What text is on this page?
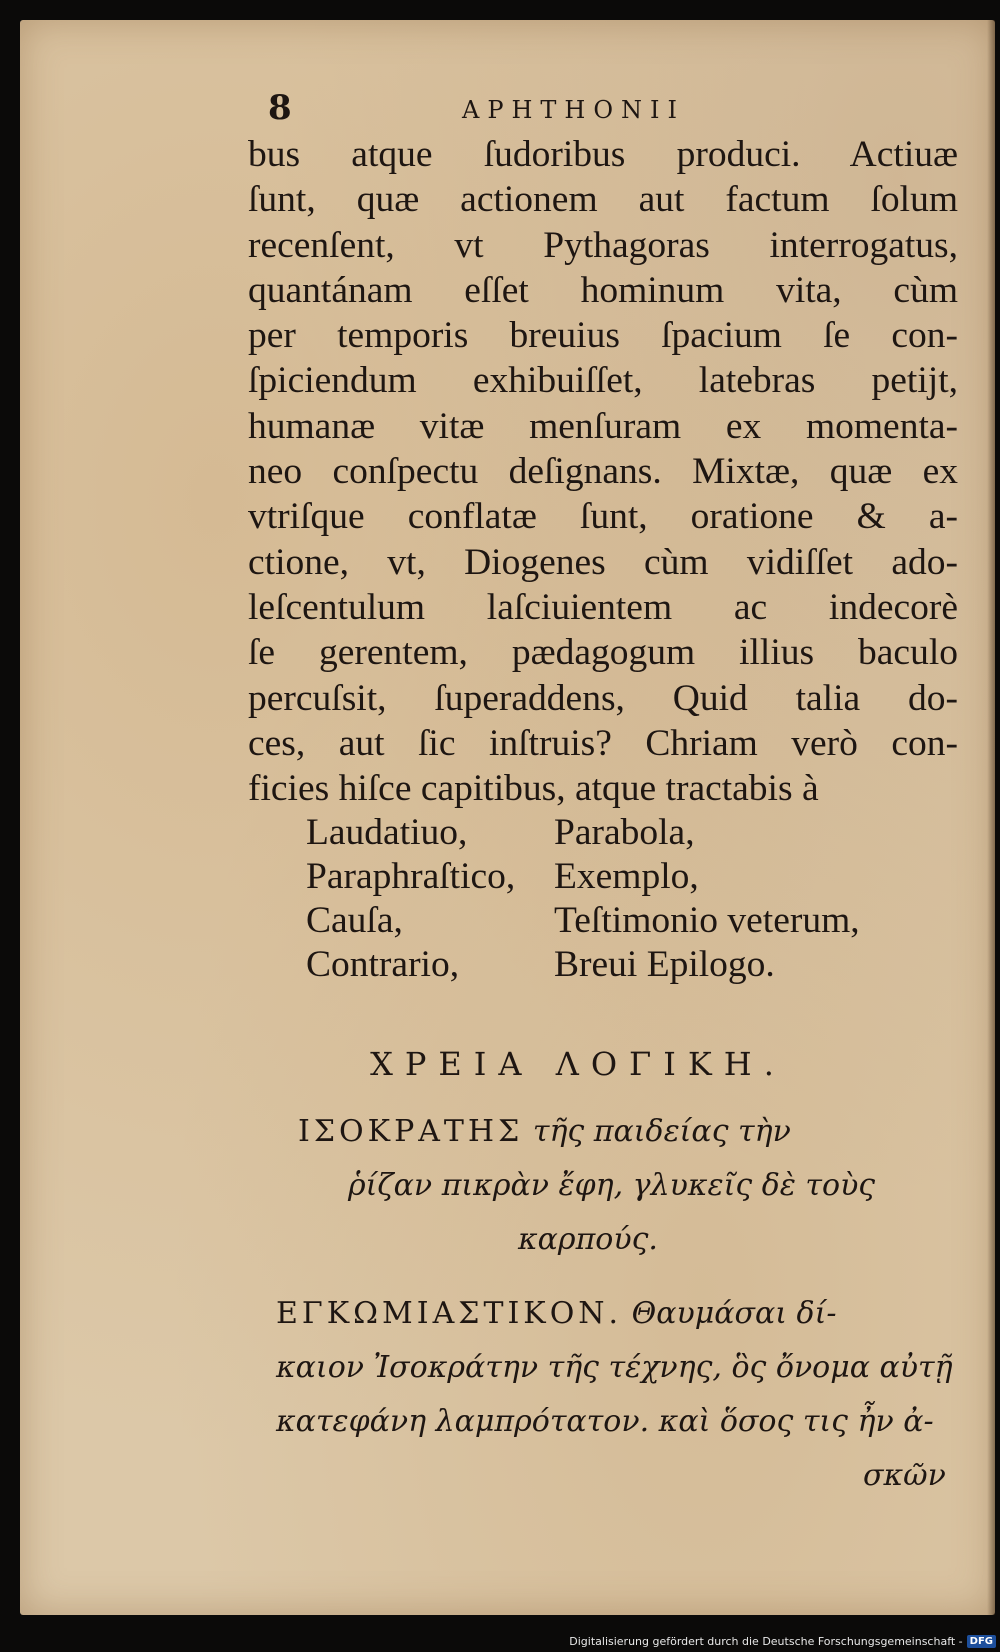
8	APHTHONII
bus atque ſudoribus produci. Actiuæ
ſunt, quæ actionem aut factum ſolum
recenſent, vt Pythagoras interrogatus,
quantánam eſſet hominum vita, cùm
per temporis breuius ſpacium ſe con‑
ſpiciendum exhibuiſſet, latebras petijt,
humanæ vitæ menſuram ex momenta-
neo conſpectu deſignans. Mixtæ, quæ ex
vtriſque conflatæ ſunt, oratione & a-
ctione, vt, Diogenes cùm vidiſſet ado-
leſcentulum laſciuientem ac indecorè
ſe gerentem, pædagogum illius baculo
percuſsit, ſuperaddens, Quid talia do-
ces, aut ſic inſtruis? Chriam verò con-
ficies hiſce capitibus, atque tractabis à
Laudatiuo,	Parabola,
Paraphraſtico,	Exemplo,
Cauſa,	Teſtimonio veterum,
Contrario,	Breui Epilogo.
ΧΡΕΙΑ ΛΟΓΙΚΗ.
ΙΣΟΚΡΑΤΗΣ τῆς παιδείας τὴν
ῥίζαν πικρὰν ἔφη, γλυκεῖς δὲ τοὺς
καρπούς.
ΕΓΚΩΜΙΑΣΤΙΚΟΝ. Θαυμάσαι δί-
καιον Ἰσοκράτην τῆς τέχνης, ὃς ὄνομα αὐτῇ
κατεφάνη λαμπρότατον. καὶ ὅσος τις ἦν ἀ-
σκῶν
Digitalisierung gefördert durch die Deutsche Forschungsgemeinschaft - DFG
